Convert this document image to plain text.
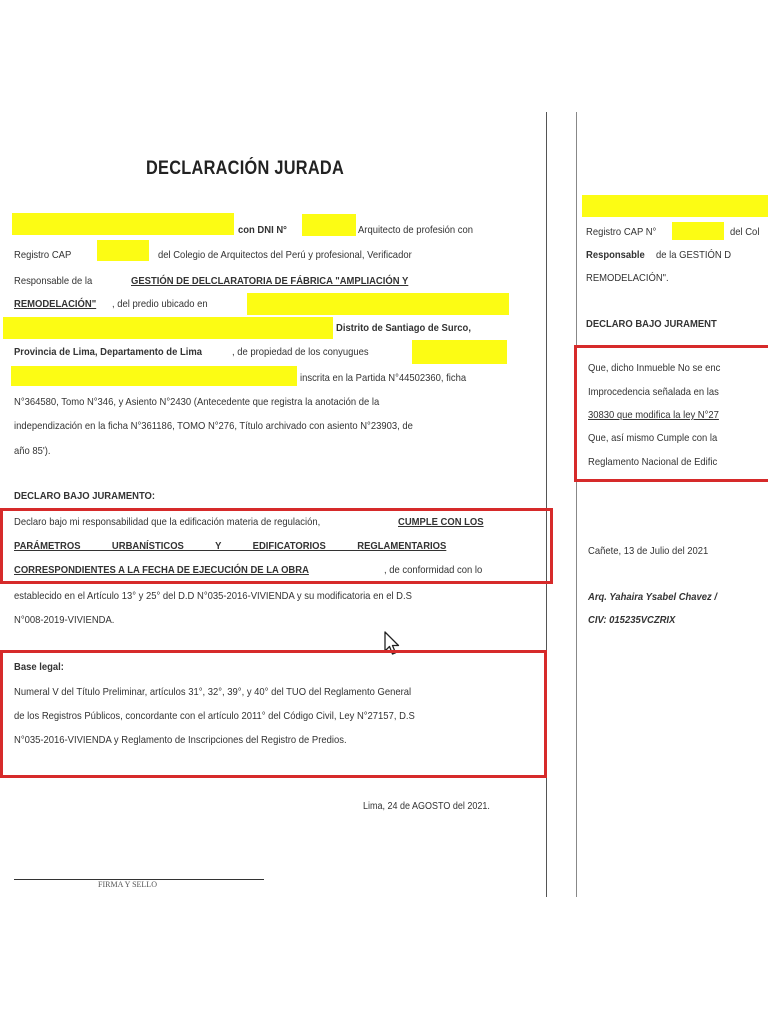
DECLARACIÓN JURADA
con DNI N°	Arquitecto de profesión con
Registro CAP	del Colegio de Arquitectos del Perú y profesional, Verificador
Responsable de la	GESTIÓN DE DELCLARATORIA DE FÁBRICA "AMPLIACIÓN Y
REMODELACIÓN" , del predio ubicado en
Distrito de Santiago de Surco,
Provincia de Lima, Departamento de Lima	, de propiedad de los conyugues
inscrita en la Partida N°44502360, ficha
N°364580, Tomo N°346, y Asiento N°2430 (Antecedente que registra la anotación de la
independización en la ficha N°361186, TOMO N°276, Título archivado con asiento N°23903, de
año 85').
DECLARO BAJO JURAMENTO:
Declaro bajo mi responsabilidad que la edificación materia de regulación,	CUMPLE CON LOS
PARÁMETROS URBANÍSTICOS Y EDIFICATORIOS REGLAMENTARIOS
CORRESPONDIENTES A LA FECHA DE EJECUCIÓN DE LA OBRA	, de conformidad con lo
establecido en el Artículo 13° y 25° del D.D N°035-2016-VIVIENDA y su modificatoria en el D.S
N°008-2019-VIVIENDA.
Base legal:
Numeral V del Título Preliminar, artículos 31°, 32°, 39°, y 40° del TUO del Reglamento General
de los Registros Públicos, concordante con el artículo 2011° del Código Civil, Ley N°27157, D.S
N°035-2016-VIVIENDA y Reglamento de Inscripciones del Registro de Predios.
Lima, 24 de AGOSTO del 2021.
FIRMA Y SELLO
Registro CAP N°	del Col
Responsable de la GESTIÓN D
REMODELACIÓN".
DECLARO BAJO JURAMENT
Que, dicho Inmueble No se enc
Improcedencia señalada en las
30830 que modifica la ley N°27
Que, así mismo Cumple con la
Reglamento Nacional de Edific
Cañete, 13 de Julio del 2021
Arq. Yahaira Ysabel Chavez /
CIV: 015235VCZRIX
